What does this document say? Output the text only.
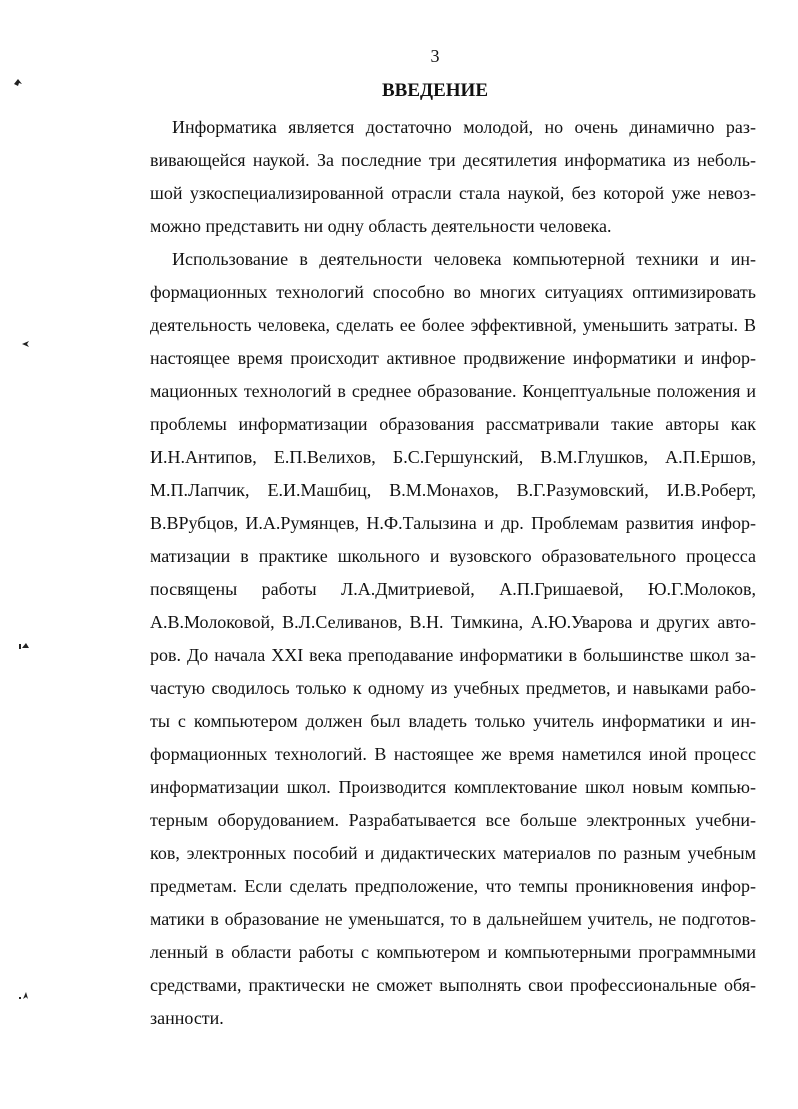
3
ВВЕДЕНИЕ
Информатика является достаточно молодой, но очень динамично раз-
вивающейся наукой. За последние три десятилетия информатика из неболь-
шой узкоспециализированной отрасли стала наукой, без которой уже невоз-
можно представить ни одну область деятельности человека.
Использование в деятельности человека компьютерной техники и ин-
формационных технологий способно во многих ситуациях оптимизировать
деятельность человека, сделать ее более эффективной, уменьшить затраты. В
настоящее время происходит активное продвижение информатики и инфор-
мационных технологий в среднее образование. Концептуальные положения и
проблемы информатизации образования рассматривали такие авторы как
И.Н.Антипов, Е.П.Велихов, Б.С.Гершунский, В.М.Глушков, А.П.Ершов,
М.П.Лапчик, Е.И.Машбиц, В.М.Монахов, В.Г.Разумовский, И.В.Роберт,
В.ВРубцов, И.А.Румянцев, Н.Ф.Талызина и др. Проблемам развития инфор-
матизации в практике школьного и вузовского образовательного процесса
посвящены работы Л.А.Дмитриевой, А.П.Гришаевой, Ю.Г.Молоков,
А.В.Молоковой, В.Л.Селиванов, В.Н. Тимкина, А.Ю.Уварова и других авто-
ров. До начала XXI века преподавание информатики в большинстве школ за-
частую сводилось только к одному из учебных предметов, и навыками рабо-
ты с компьютером должен был владеть только учитель информатики и ин-
формационных технологий. В настоящее же время наметился иной процесс
информатизации школ. Производится комплектование школ новым компью-
терным оборудованием. Разрабатывается все больше электронных учебни-
ков, электронных пособий и дидактических материалов по разным учебным
предметам. Если сделать предположение, что темпы проникновения инфор-
матики в образование не уменьшатся, то в дальнейшем учитель, не подготов-
ленный в области работы с компьютером и компьютерными программными
средствами, практически не сможет выполнять свои профессиональные обя-
занности.
